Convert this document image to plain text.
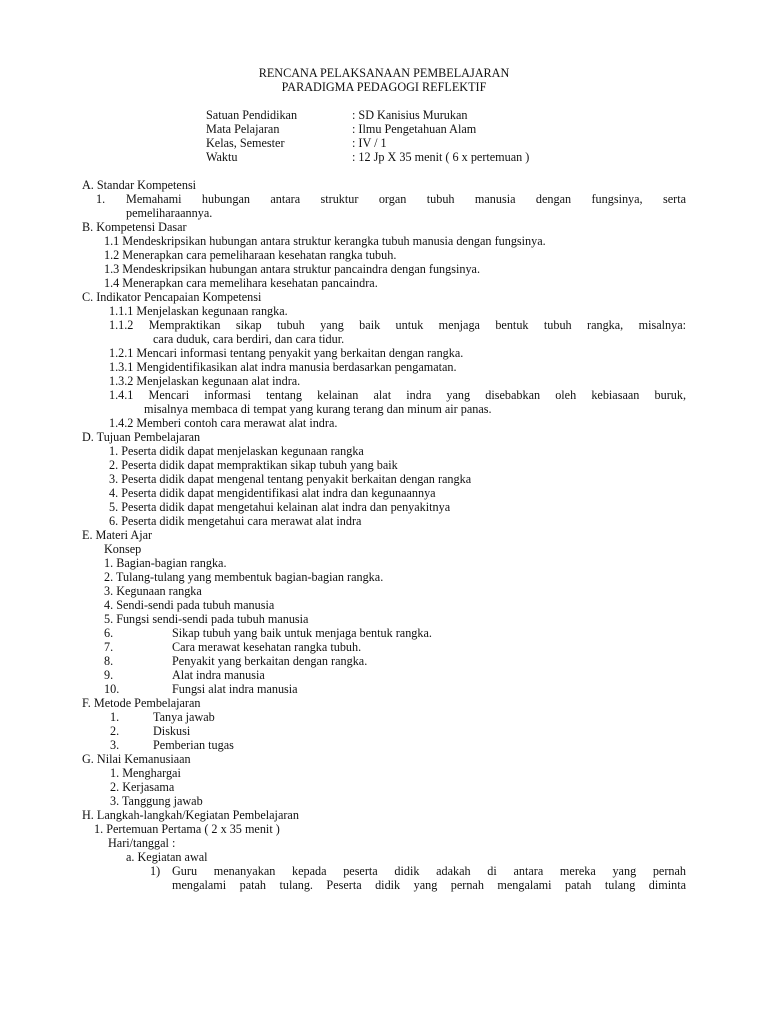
RENCANA PELAKSANAAN PEMBELAJARAN
PARADIGMA PEDAGOGI REFLEKTIF
Satuan Pendidikan	: SD Kanisius Murukan
Mata Pelajaran	: Ilmu Pengetahuan Alam
Kelas, Semester	: IV / 1
Waktu	: 12 Jp X 35 menit ( 6 x pertemuan )
A. Standar Kompetensi
1. Memahami hubungan antara struktur organ tubuh manusia dengan fungsinya, serta
pemeliharaannya.
B. Kompetensi Dasar
1.1 Mendeskripsikan hubungan antara struktur kerangka tubuh manusia dengan fungsinya.
1.2 Menerapkan cara pemeliharaan kesehatan rangka tubuh.
1.3 Mendeskripsikan hubungan antara struktur pancaindra dengan fungsinya.
1.4 Menerapkan cara memelihara kesehatan pancaindra.
C. Indikator Pencapaian Kompetensi
1.1.1 Menjelaskan kegunaan rangka.
1.1.2 Mempraktikan sikap tubuh yang baik untuk menjaga bentuk tubuh rangka, misalnya:
cara duduk, cara berdiri, dan cara tidur.
1.2.1 Mencari informasi tentang penyakit yang berkaitan dengan rangka.
1.3.1 Mengidentifikasikan alat indra manusia berdasarkan pengamatan.
1.3.2 Menjelaskan kegunaan alat indra.
1.4.1 Mencari informasi tentang kelainan alat indra yang disebabkan oleh kebiasaan buruk,
misalnya membaca di tempat yang kurang terang dan minum air panas.
1.4.2 Memberi contoh cara merawat alat indra.
D. Tujuan Pembelajaran
1. Peserta didik dapat menjelaskan kegunaan rangka
2. Peserta didik dapat mempraktikan sikap tubuh yang baik
3. Peserta didik dapat mengenal tentang penyakit berkaitan dengan rangka
4. Peserta didik dapat mengidentifikasi alat indra dan kegunaannya
5. Peserta didik dapat mengetahui kelainan alat indra dan penyakitnya
6. Peserta didik mengetahui cara merawat alat indra
E. Materi Ajar
Konsep
1. Bagian-bagian rangka.
2. Tulang-tulang yang membentuk bagian-bagian rangka.
3. Kegunaan rangka
4. Sendi-sendi pada tubuh manusia
5. Fungsi sendi-sendi pada tubuh manusia
6.	Sikap tubuh yang baik untuk menjaga bentuk rangka.
7.	Cara merawat kesehatan rangka tubuh.
8.	Penyakit yang berkaitan dengan rangka.
9.	Alat indra manusia
10.	Fungsi alat indra manusia
F. Metode Pembelajaran
1.	Tanya jawab
2.	Diskusi
3.	Pemberian tugas
G. Nilai Kemanusiaan
1. Menghargai
2. Kerjasama
3. Tanggung jawab
H. Langkah-langkah/Kegiatan Pembelajaran
1. Pertemuan Pertama ( 2 x 35 menit )
Hari/tanggal :
a. Kegiatan awal
1) Guru menanyakan kepada peserta didik adakah di antara mereka yang pernah
mengalami patah tulang. Peserta didik yang pernah mengalami patah tulang diminta
